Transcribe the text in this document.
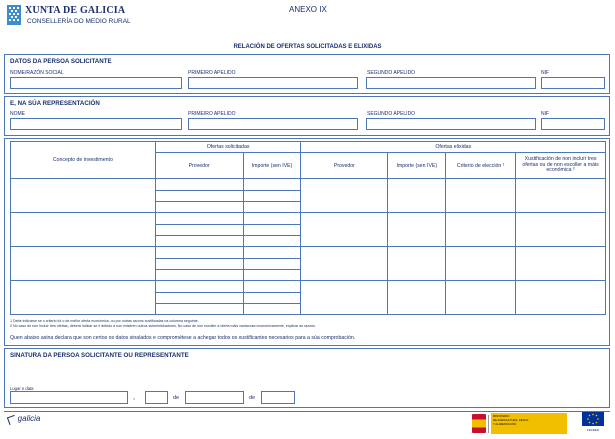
XUNTA DE GALICIA
CONSELLERÍA DO MEDIO RURAL
ANEXO IX
RELACIÓN DE OFERTAS SOLICITADAS E ELIXIDAS
DATOS DA PERSOA SOLICITANTE
NOME/RAZÓN SOCIAL	PRIMEIRO APELIDO	SEGUNDO APELIDO	NIF
E, NA SÚA REPRESENTACIÓN
NOME	PRIMEIRO APELIDO	SEGUNDO APELIDO	NIF
Concepto de investimento	Ofertas solicitadas		Ofertas elixidas			
	Provedor	Importe (sen IVE)	Provedor	Importe (sen IVE)	Criterio de elección ¹	Xustificación de non incluír tres ofertas ou de non escoller a máis económica ²

1 Debe indicarse se o criterio foi o de mellor oferta económica, ou por outras razóns xustificadas na columna seguinte.
2 No caso de non incluír tres ofertas, deberá indicar se é debido a non existiren outros subministradores. No caso de non escoller a oferta máis vantaxosa economicamente, explicar as razóns.
Quen abaixo asina declara que son certos os datos sinalados e comprométese a achegar todos os xustificantes necesarios para a súa comprobación.
SINATURA DA PERSOA SOLICITANTE OU REPRESENTANTE
Lugar e data
,	de	de
galicia	MINISTERIO
DE AGRICULTURA, PESCA
Y ALIMENTACIÓN
FEADER
